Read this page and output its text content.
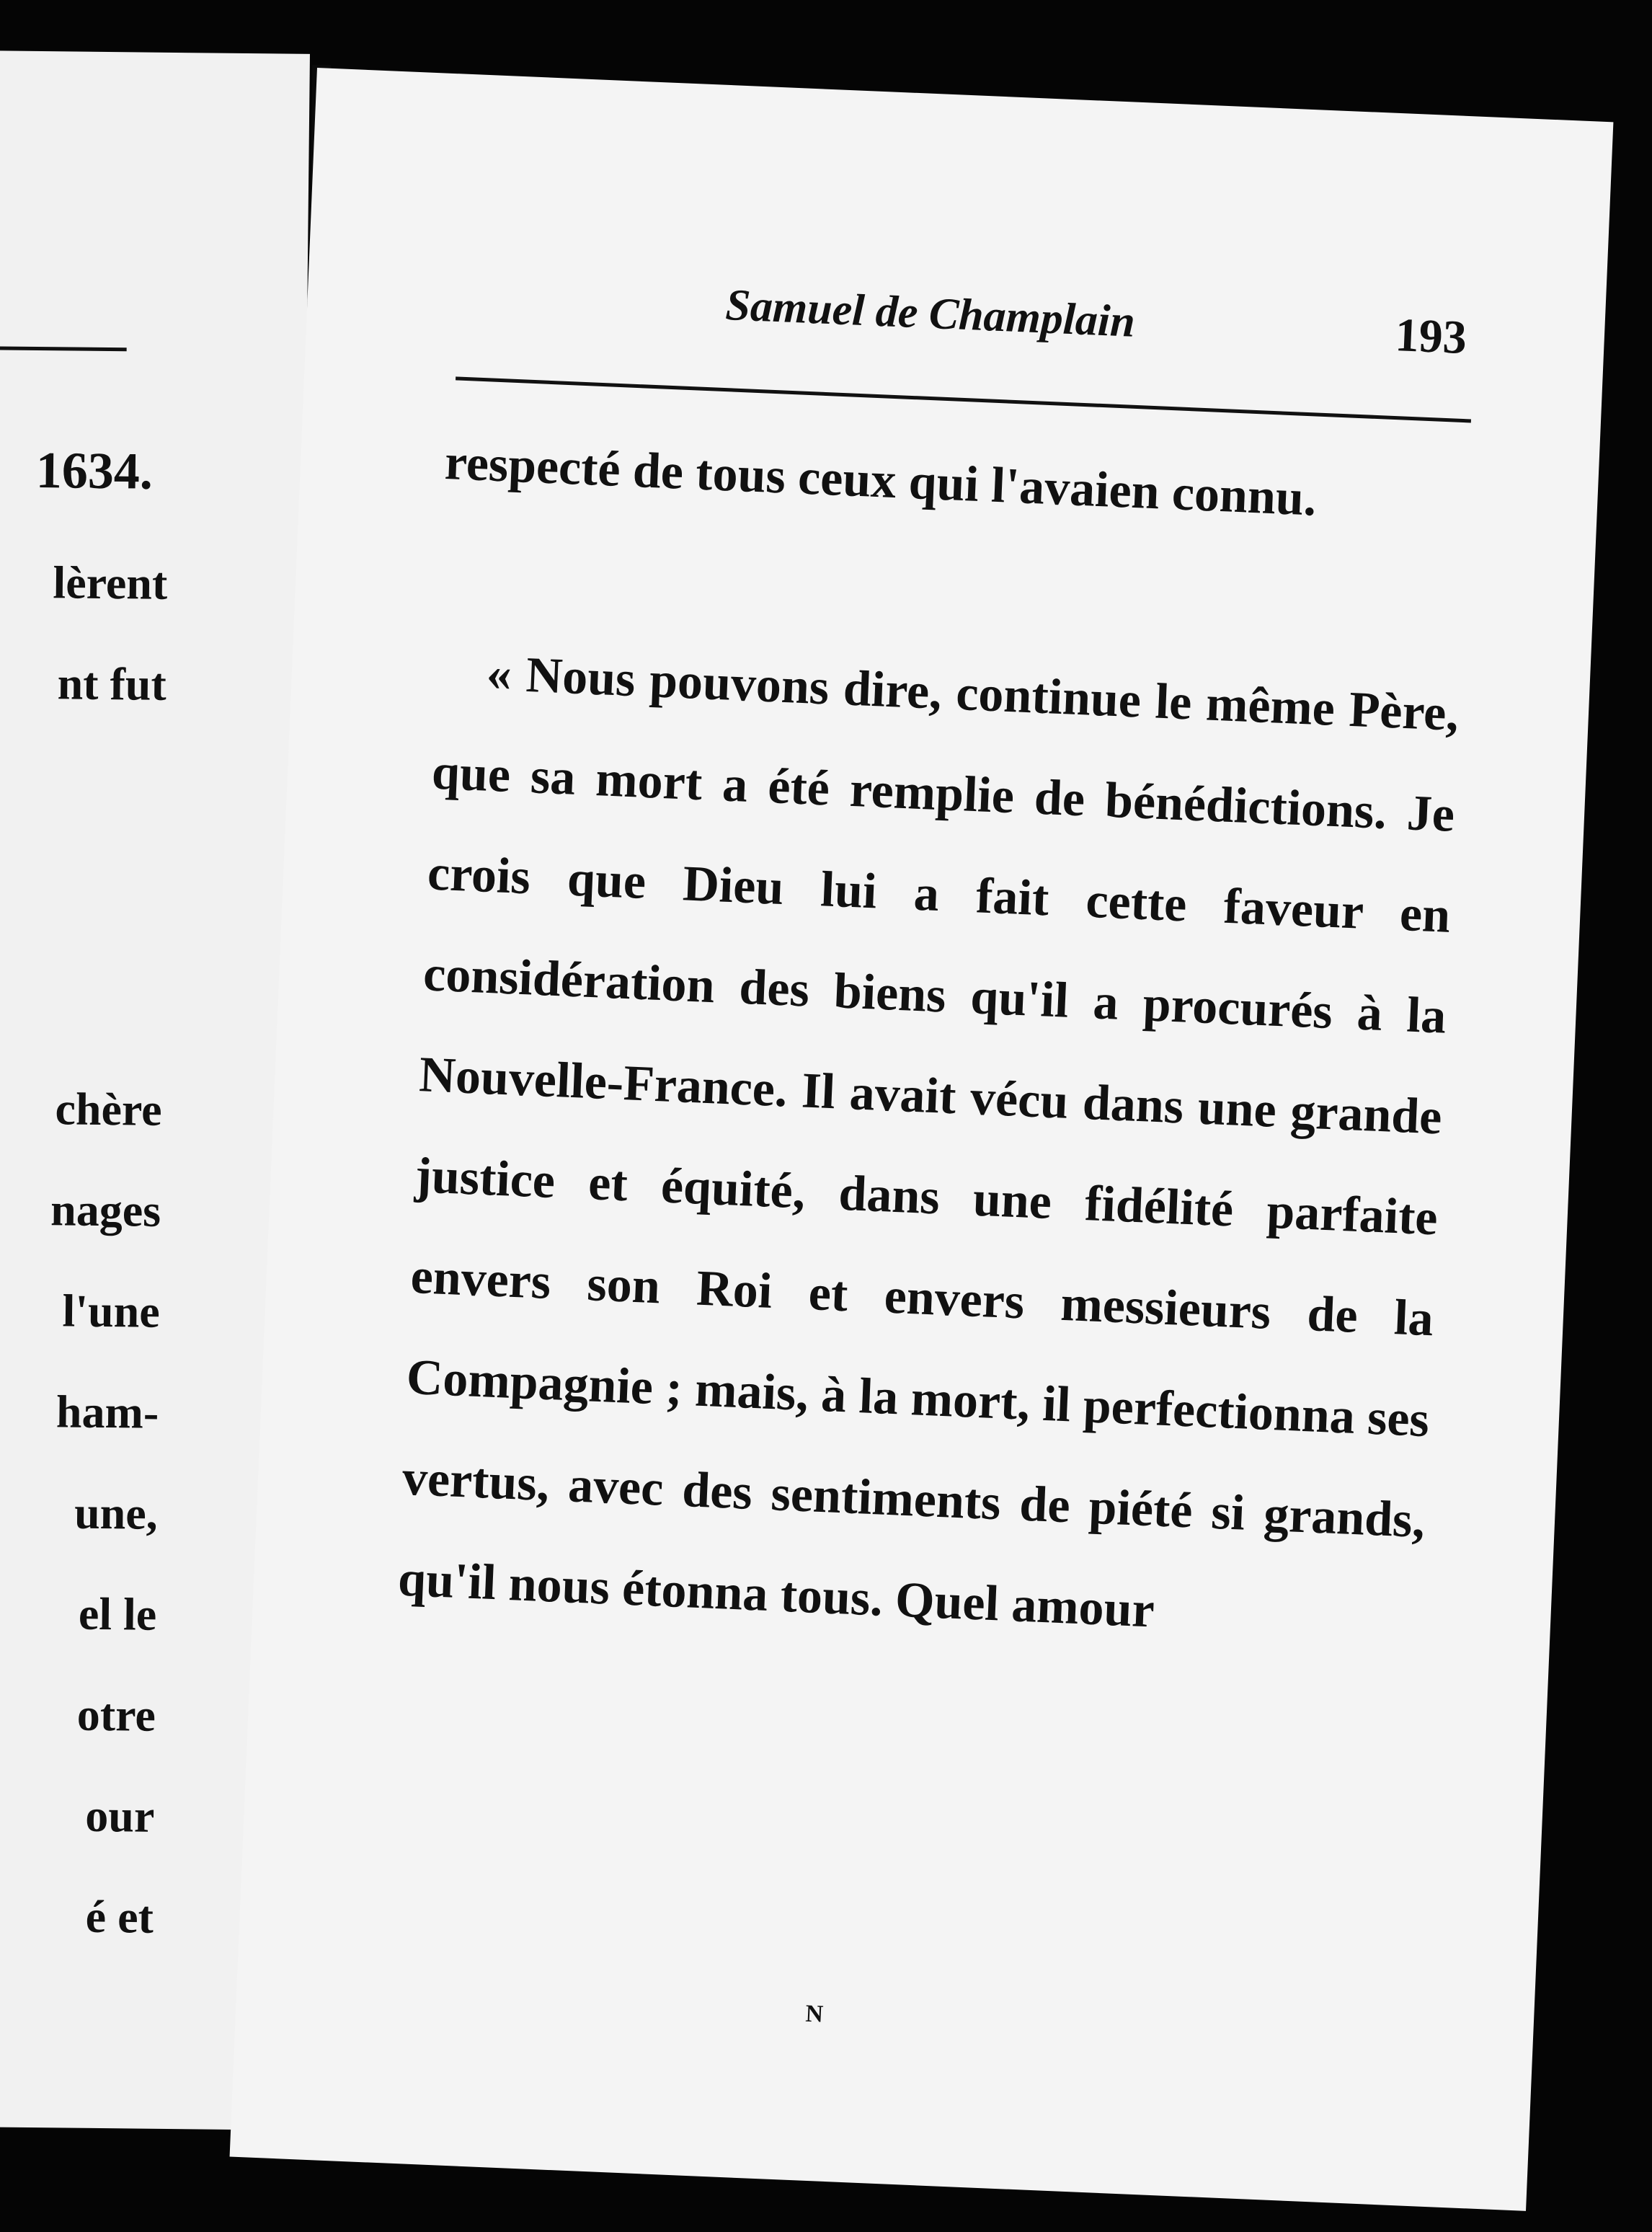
1634.
lèrent
nt fut
chère
nages
l'une
ham-
une,
el le
otre
our
é et
Samuel de Champlain	193

respecté de tous ceux qui l'avaien connu.

« Nous pouvons dire, continue le même Père, que sa mort a été remplie de bénédictions. Je crois que Dieu lui a fait cette faveur en considération des biens qu'il a procurés à la Nouvelle-France. Il avait vécu dans une grande justice et équité, dans une fidélité parfaite envers son Roi et envers messieurs de la Compagnie ; mais, à la mort, il perfectionna ses vertus, avec des sentiments de piété si grands, qu'il nous étonna tous. Quel amour

N
